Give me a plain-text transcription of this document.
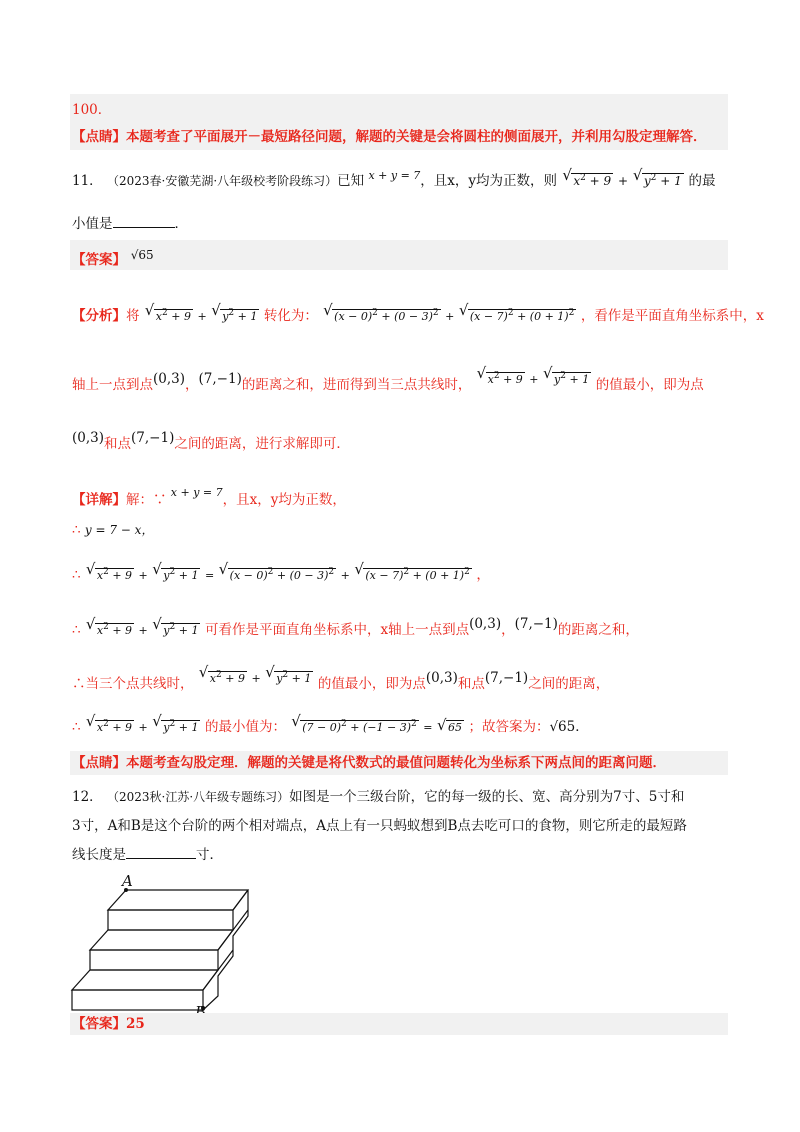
100．
【点睛】本题考查了平面展开－最短路径问题，解题的关键是会将圆柱的侧面展开，并利用勾股定理解答．
11． （2023春·安徽芜湖·八年级校考阶段练习）已知 $^{x + y = 7}$，且x，y均为正数，则 √ $x^2 + 9$ + √ $y^2 + 1$ 的最
小值是	．
【答案】 √65
【分析】将 √ $x^2 + 9$ + √ $y^2 + 1$ 转化为： √ $(x - 0)^2 + (0 - 3)^2$ + √ $(x - 7)^2 + (0 + 1)^2$ ，看作是平面直角坐标系中，x
轴上一点到点(0,3)，(7,−1)的距离之和，进而得到当三点共线时，
$^{√ x^2 + 9 + √ y^2 + 1}$ 的值最小，即为点
(0,3)和点(7,−1)之间的距离，进行求解即可．
【详解】解：∵ $^{x + y = 7}$，且x，y均为正数，
∴ y = 7 − x，
∴ √ $x^2 + 9$ + √ $y^2 + 1$ = √ $(x - 0)^2 + (0 - 3)^2$ + √ $(x - 7)^2 + (0 + 1)^2$ ，
∴ √ $x^2 + 9$ + √ $y^2 + 1$ 可看作是平面直角坐标系中，x轴上一点到点(0,3)，(7,−1)的距离之和，
∴当三个点共线时，
$^{√ x^2 + 9 + √ y^2 + 1}$ 的值最小，即为点(0,3)和点(7,−1)之间的距离，
∴ √ $x^2 + 9$ + √ $y^2 + 1$ 的最小值为： √ $(7 - 0)^2 + (-1 - 3)^2$ = √ 65 ；故答案为：√65．
【点睛】本题考查勾股定理．解题的关键是将代数式的最值问题转化为坐标系下两点间的距离问题．
12． （2023秋·江苏·八年级专题练习）如图是一个三级台阶，它的每一级的长、宽、高分别为7寸、5寸和
3寸，A和B是这个台阶的两个相对端点，A点上有一只蚂蚁想到B点去吃可口的食物，则它所走的最短路
线长度是	寸．
A
【答案】25
